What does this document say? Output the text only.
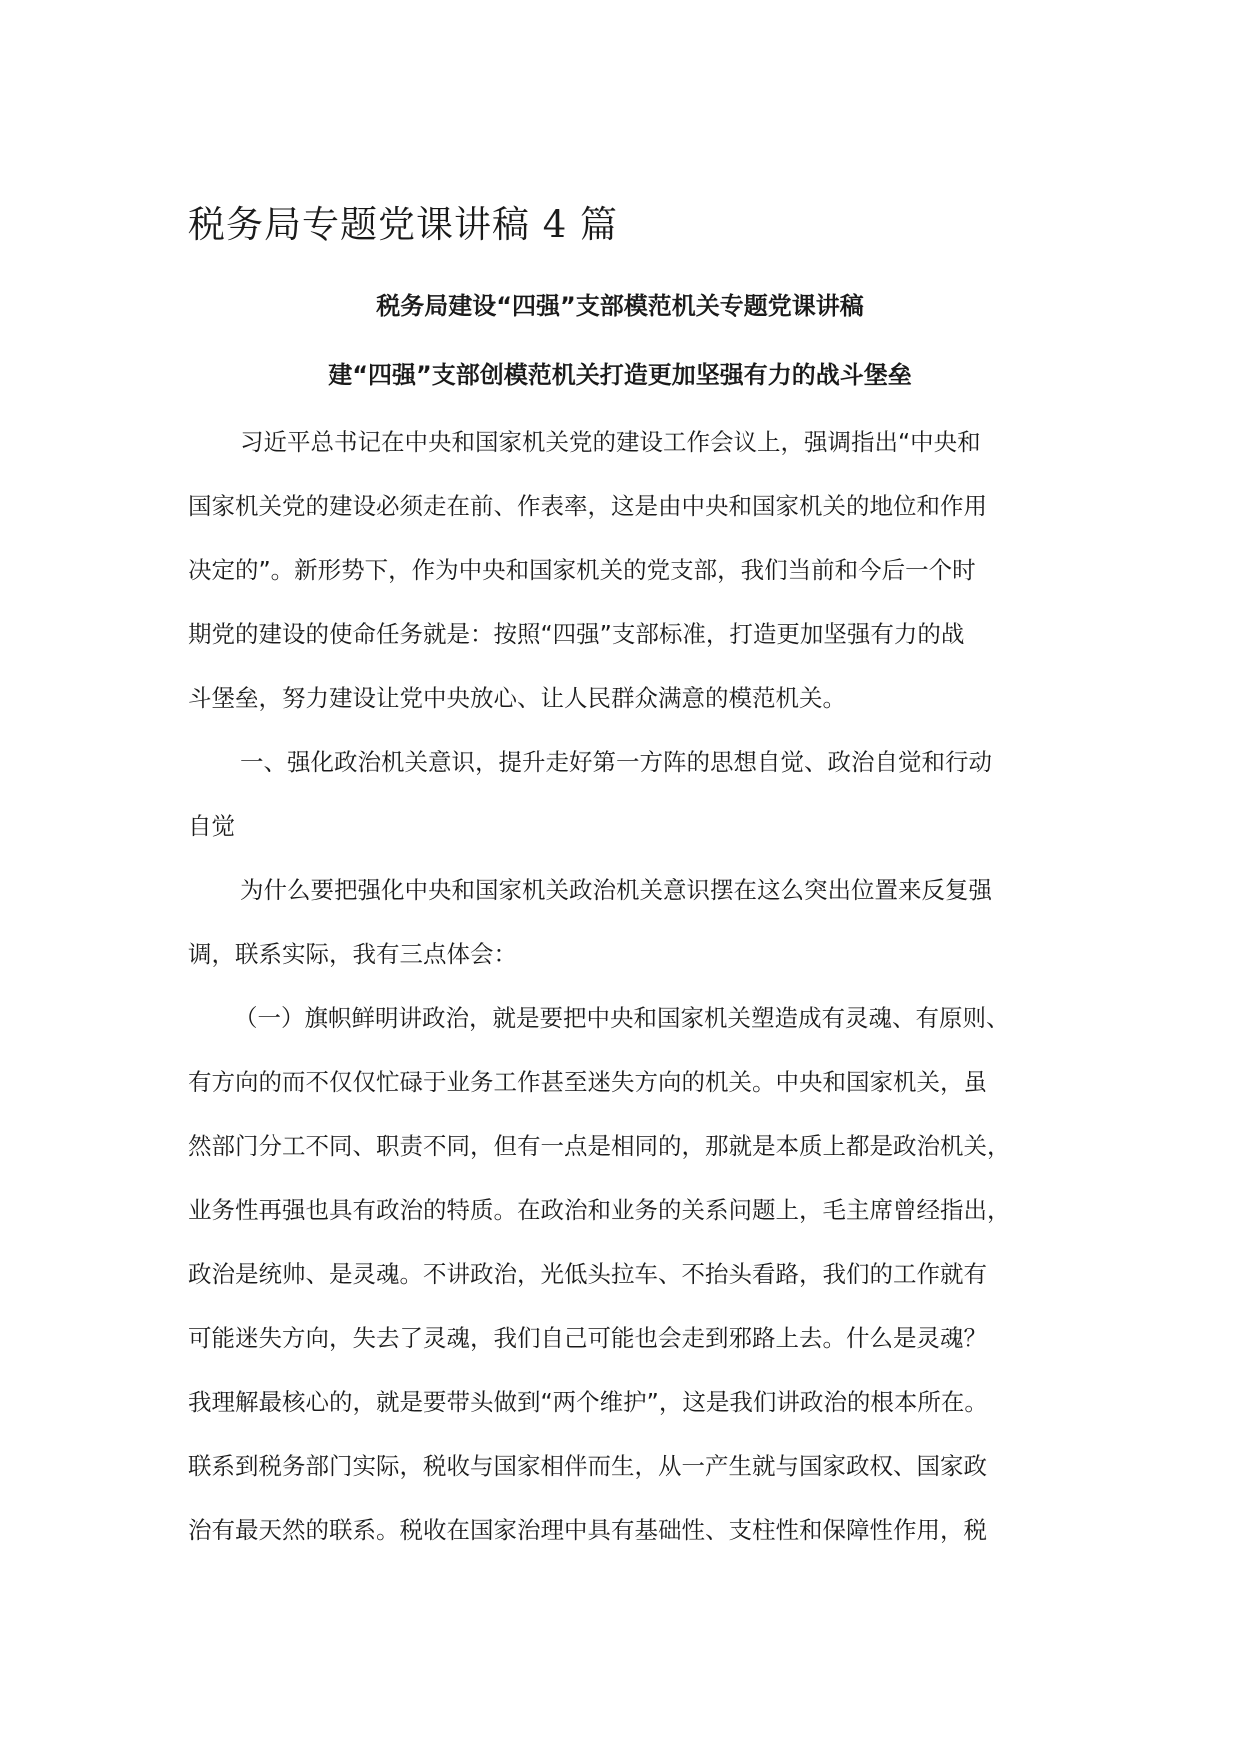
税务局专题党课讲稿 4 篇
税务局建设“四强”支部模范机关专题党课讲稿
建“四强”支部创模范机关打造更加坚强有力的战斗堡垒

习近平总书记在中央和国家机关党的建设工作会议上，强调指出“中央和

国家机关党的建设必须走在前、作表率，这是由中央和国家机关的地位和作用

决定的”。新形势下，作为中央和国家机关的党支部，我们当前和今后一个时

期党的建设的使命任务就是：按照“四强”支部标准，打造更加坚强有力的战

斗堡垒，努力建设让党中央放心、让人民群众满意的模范机关。

一、强化政治机关意识，提升走好第一方阵的思想自觉、政治自觉和行动

自觉

为什么要把强化中央和国家机关政治机关意识摆在这么突出位置来反复强

调，联系实际，我有三点体会：

（一）旗帜鲜明讲政治，就是要把中央和国家机关塑造成有灵魂、有原则、

有方向的而不仅仅忙碌于业务工作甚至迷失方向的机关。中央和国家机关，虽

然部门分工不同、职责不同，但有一点是相同的，那就是本质上都是政治机关，

业务性再强也具有政治的特质。在政治和业务的关系问题上，毛主席曾经指出，

政治是统帅、是灵魂。不讲政治，光低头拉车、不抬头看路，我们的工作就有

可能迷失方向，失去了灵魂，我们自己可能也会走到邪路上去。什么是灵魂？

我理解最核心的，就是要带头做到“两个维护”，这是我们讲政治的根本所在。

联系到税务部门实际，税收与国家相伴而生，从一产生就与国家政权、国家政

治有最天然的联系。税收在国家治理中具有基础性、支柱性和保障性作用，税
